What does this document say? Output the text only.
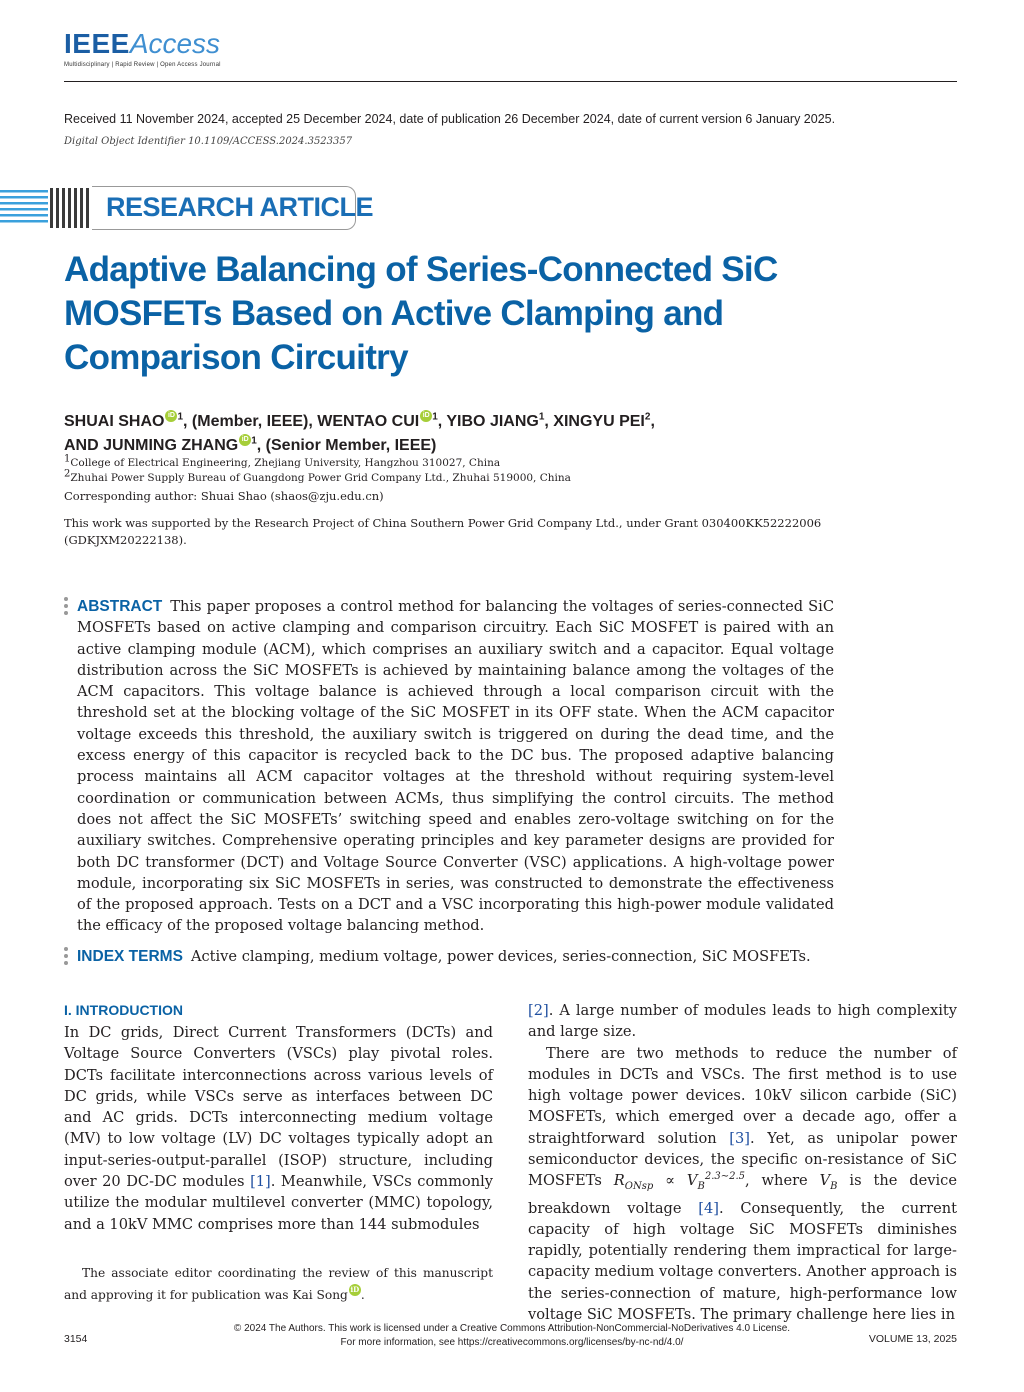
IEEEAccess
Multidisciplinary | Rapid Review | Open Access Journal
Received 11 November 2024, accepted 25 December 2024, date of publication 26 December 2024, date of current version 6 January 2025.
Digital Object Identifier 10.1109/ACCESS.2024.3523357
RESEARCH ARTICLE
Adaptive Balancing of Series-Connected SiC MOSFETs Based on Active Clamping and Comparison Circuitry
SHUAI SHAO iD $^1$, (Member, IEEE), WENTAO CUI iD $^1$, YIBO JIANG$^1$, XINGYU PEI$^2$,
AND JUNMING ZHANG iD $^1$, (Senior Member, IEEE)
$^1$College of Electrical Engineering, Zhejiang University, Hangzhou 310027, China
$^2$Zhuhai Power Supply Bureau of Guangdong Power Grid Company Ltd., Zhuhai 519000, China
Corresponding author: Shuai Shao (shaos@zju.edu.cn)
This work was supported by the Research Project of China Southern Power Grid Company Ltd., under Grant 030400KK52222006 (GDKJXM20222138).
ABSTRACT This paper proposes a control method for balancing the voltages of series-connected SiC MOSFETs based on active clamping and comparison circuitry. Each SiC MOSFET is paired with an active clamping module (ACM), which comprises an auxiliary switch and a capacitor. Equal voltage distribution across the SiC MOSFETs is achieved by maintaining balance among the voltages of the ACM capacitors. This voltage balance is achieved through a local comparison circuit with the threshold set at the blocking voltage of the SiC MOSFET in its OFF state. When the ACM capacitor voltage exceeds this threshold, the auxiliary switch is triggered on during the dead time, and the excess energy of this capacitor is recycled back to the DC bus. The proposed adaptive balancing process maintains all ACM capacitor voltages at the threshold without requiring system-level coordination or communication between ACMs, thus simplifying the control circuits. The method does not affect the SiC MOSFETs’ switching speed and enables zero-voltage switching on for the auxiliary switches. Comprehensive operating principles and key parameter designs are provided for both DC transformer (DCT) and Voltage Source Converter (VSC) applications. A high-voltage power module, incorporating six SiC MOSFETs in series, was constructed to demonstrate the effectiveness of the proposed approach. Tests on a DCT and a VSC incorporating this high-power module validated the efficacy of the proposed voltage balancing method.
INDEX TERMS Active clamping, medium voltage, power devices, series-connection, SiC MOSFETs.
I. INTRODUCTION

In DC grids, Direct Current Transformers (DCTs) and Voltage Source Converters (VSCs) play pivotal roles. DCTs facilitate interconnections across various levels of DC grids, while VSCs serve as interfaces between DC and AC grids. DCTs interconnecting medium voltage (MV) to low voltage (LV) DC voltages typically adopt an input-series-output-parallel (ISOP) structure, including over 20 DC-DC modules [1]. Meanwhile, VSCs commonly utilize the modular multilevel converter (MMC) topology, and a 10kV MMC comprises more than 144 submodules

[2]. A large number of modules leads to high complexity and large size.

There are two methods to reduce the number of modules in DCTs and VSCs. The first method is to use high voltage power devices. 10kV silicon carbide (SiC) MOSFETs, which emerged over a decade ago, offer a straightforward solution [3]. Yet, as unipolar power semiconductor devices, the specific on-resistance of SiC MOSFETs $R_{ONsp} \propto V_B^{2.3\sim 2.5}$, where $V_B$ is the device breakdown voltage [4]. Consequently, the current capacity of high voltage SiC MOSFETs diminishes rapidly, potentially rendering them impractical for large-capacity medium voltage converters. Another approach is the series-connection of mature, high-performance low voltage SiC MOSFETs. The primary challenge here lies in

The associate editor coordinating the review of this manuscript and approving it for publication was Kai Song iD .
© 2024 The Authors. This work is licensed under a Creative Commons Attribution-NonCommercial-NoDerivatives 4.0 License.
For more information, see https://creativecommons.org/licenses/by-nc-nd/4.0/
3154	VOLUME 13, 2025
